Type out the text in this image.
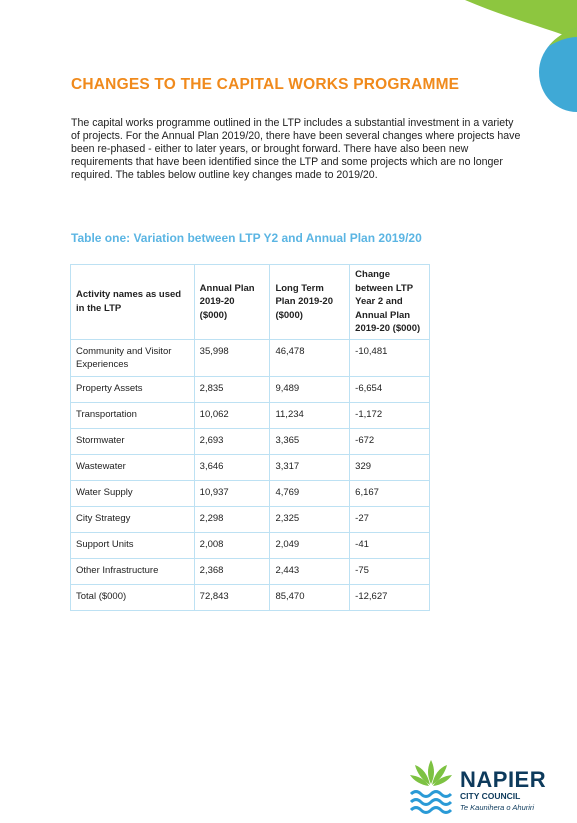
CHANGES TO THE CAPITAL WORKS PROGRAMME
The capital works programme outlined in the LTP includes a substantial investment in a variety of projects. For the Annual Plan 2019/20, there have been several changes where projects have been re-phased - either to later years, or brought forward. There have also been new requirements that have been identified since the LTP and some projects which are no longer required. The tables below outline key changes made to 2019/20.
Table one: Variation between LTP Y2 and Annual Plan 2019/20
Activity names as used in the LTP	Annual Plan 2019-20 ($000)	Long Term Plan 2019-20 ($000)	Change between LTP Year 2 and Annual Plan 2019-20 ($000)
Community and Visitor Experiences	35,998	46,478	-10,481
Property Assets	2,835	9,489	-6,654
Transportation	10,062	11,234	-1,172
Stormwater	2,693	3,365	-672
Wastewater	3,646	3,317	329
Water Supply	10,937	4,769	6,167
City Strategy	2,298	2,325	-27
Support Units	2,008	2,049	-41
Other Infrastructure	2,368	2,443	-75
Total ($000)	72,843	85,470	-12,627
NAPIER
CITY COUNCIL
Te Kaunihera o Ahuriri
